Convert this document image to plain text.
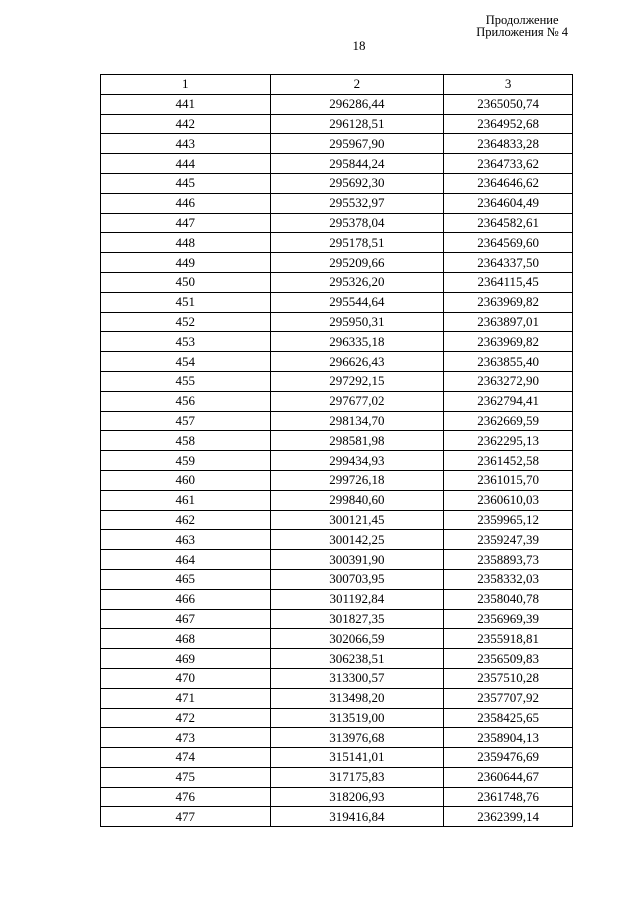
Продолжение
Приложения № 4
18
1	2	3
441	296286,44	2365050,74
442	296128,51	2364952,68
443	295967,90	2364833,28
444	295844,24	2364733,62
445	295692,30	2364646,62
446	295532,97	2364604,49
447	295378,04	2364582,61
448	295178,51	2364569,60
449	295209,66	2364337,50
450	295326,20	2364115,45
451	295544,64	2363969,82
452	295950,31	2363897,01
453	296335,18	2363969,82
454	296626,43	2363855,40
455	297292,15	2363272,90
456	297677,02	2362794,41
457	298134,70	2362669,59
458	298581,98	2362295,13
459	299434,93	2361452,58
460	299726,18	2361015,70
461	299840,60	2360610,03
462	300121,45	2359965,12
463	300142,25	2359247,39
464	300391,90	2358893,73
465	300703,95	2358332,03
466	301192,84	2358040,78
467	301827,35	2356969,39
468	302066,59	2355918,81
469	306238,51	2356509,83
470	313300,57	2357510,28
471	313498,20	2357707,92
472	313519,00	2358425,65
473	313976,68	2358904,13
474	315141,01	2359476,69
475	317175,83	2360644,67
476	318206,93	2361748,76
477	319416,84	2362399,14
